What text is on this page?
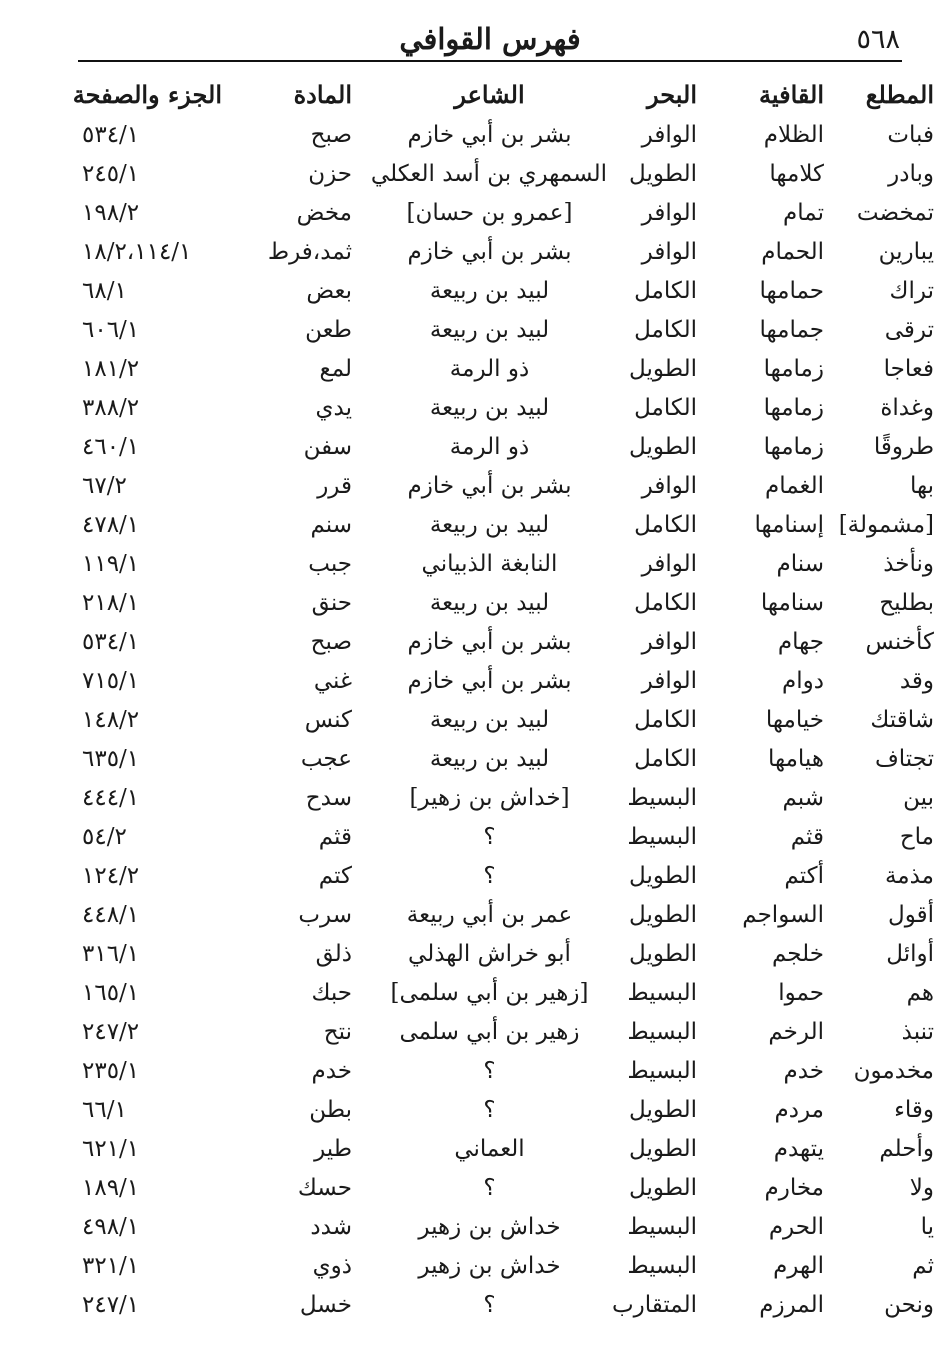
٥٦٨
فهرس القوافي
المطلع	القافية	البحر	الشاعر	المادة	الجزء والصفحة
فبات	الظلام	الوافر	بشر بن أبي خازم	صبح	٥٣٤/١
وبادر	كلامها	الطويل	السمهري بن أسد العكلي	حزن	٢٤٥/١
تمخضت	تمام	الوافر	[عمرو بن حسان]	مخض	١٩٨/٢
يبارين	الحمام	الوافر	بشر بن أبي خازم	ثمد،فرط	١٨/٢،١١٤/١
تراك	حمامها	الكامل	لبيد بن ربيعة	بعض	٦٨/١
ترقى	جمامها	الكامل	لبيد بن ربيعة	طعن	٦٠٦/١
فعاجا	زمامها	الطويل	ذو الرمة	لمع	١٨١/٢
وغداة	زمامها	الكامل	لبيد بن ربيعة	يدي	٣٨٨/٢
طروقًا	زمامها	الطويل	ذو الرمة	سفن	٤٦٠/١
بها	الغمام	الوافر	بشر بن أبي خازم	قرر	٦٧/٢
[مشمولة]	إسنامها	الكامل	لبيد بن ربيعة	سنم	٤٧٨/١
ونأخذ	سنام	الوافر	النابغة الذبياني	جبب	١١٩/١
بطليح	سنامها	الكامل	لبيد بن ربيعة	حنق	٢١٨/١
كأخنس	جهام	الوافر	بشر بن أبي خازم	صبح	٥٣٤/١
وقد	دوام	الوافر	بشر بن أبي خازم	غني	٧١٥/١
شاقتك	خيامها	الكامل	لبيد بن ربيعة	كنس	١٤٨/٢
تجتاف	هيامها	الكامل	لبيد بن ربيعة	عجب	٦٣٥/١
بين	شبم	البسيط	[خداش بن زهير]	سدح	٤٤٤/١
ماح	قثم	البسيط	؟	قثم	٥٤/٢
مذمة	أكتم	الطويل	؟	كتم	١٢٤/٢
أقول	السواجم	الطويل	عمر بن أبي ربيعة	سرب	٤٤٨/١
أوائل	خلجم	الطويل	أبو خراش الهذلي	ذلق	٣١٦/١
هم	حموا	البسيط	[زهير بن أبي سلمى]	حبك	١٦٥/١
تنبذ	الرخم	البسيط	زهير بن أبي سلمى	نتح	٢٤٧/٢
مخدمون	خدم	البسيط	؟	خدم	٢٣٥/١
وقاء	مردم	الطويل	؟	بطن	٦٦/١
وأحلم	يتهدم	الطويل	العماني	طير	٦٢١/١
ولا	مخارم	الطويل	؟	حسك	١٨٩/١
يا	الحرم	البسيط	خداش بن زهير	شدد	٤٩٨/١
ثم	الهرم	البسيط	خداش بن زهير	ذوي	٣٢١/١
ونحن	المرزم	المتقارب	؟	خسل	٢٤٧/١
